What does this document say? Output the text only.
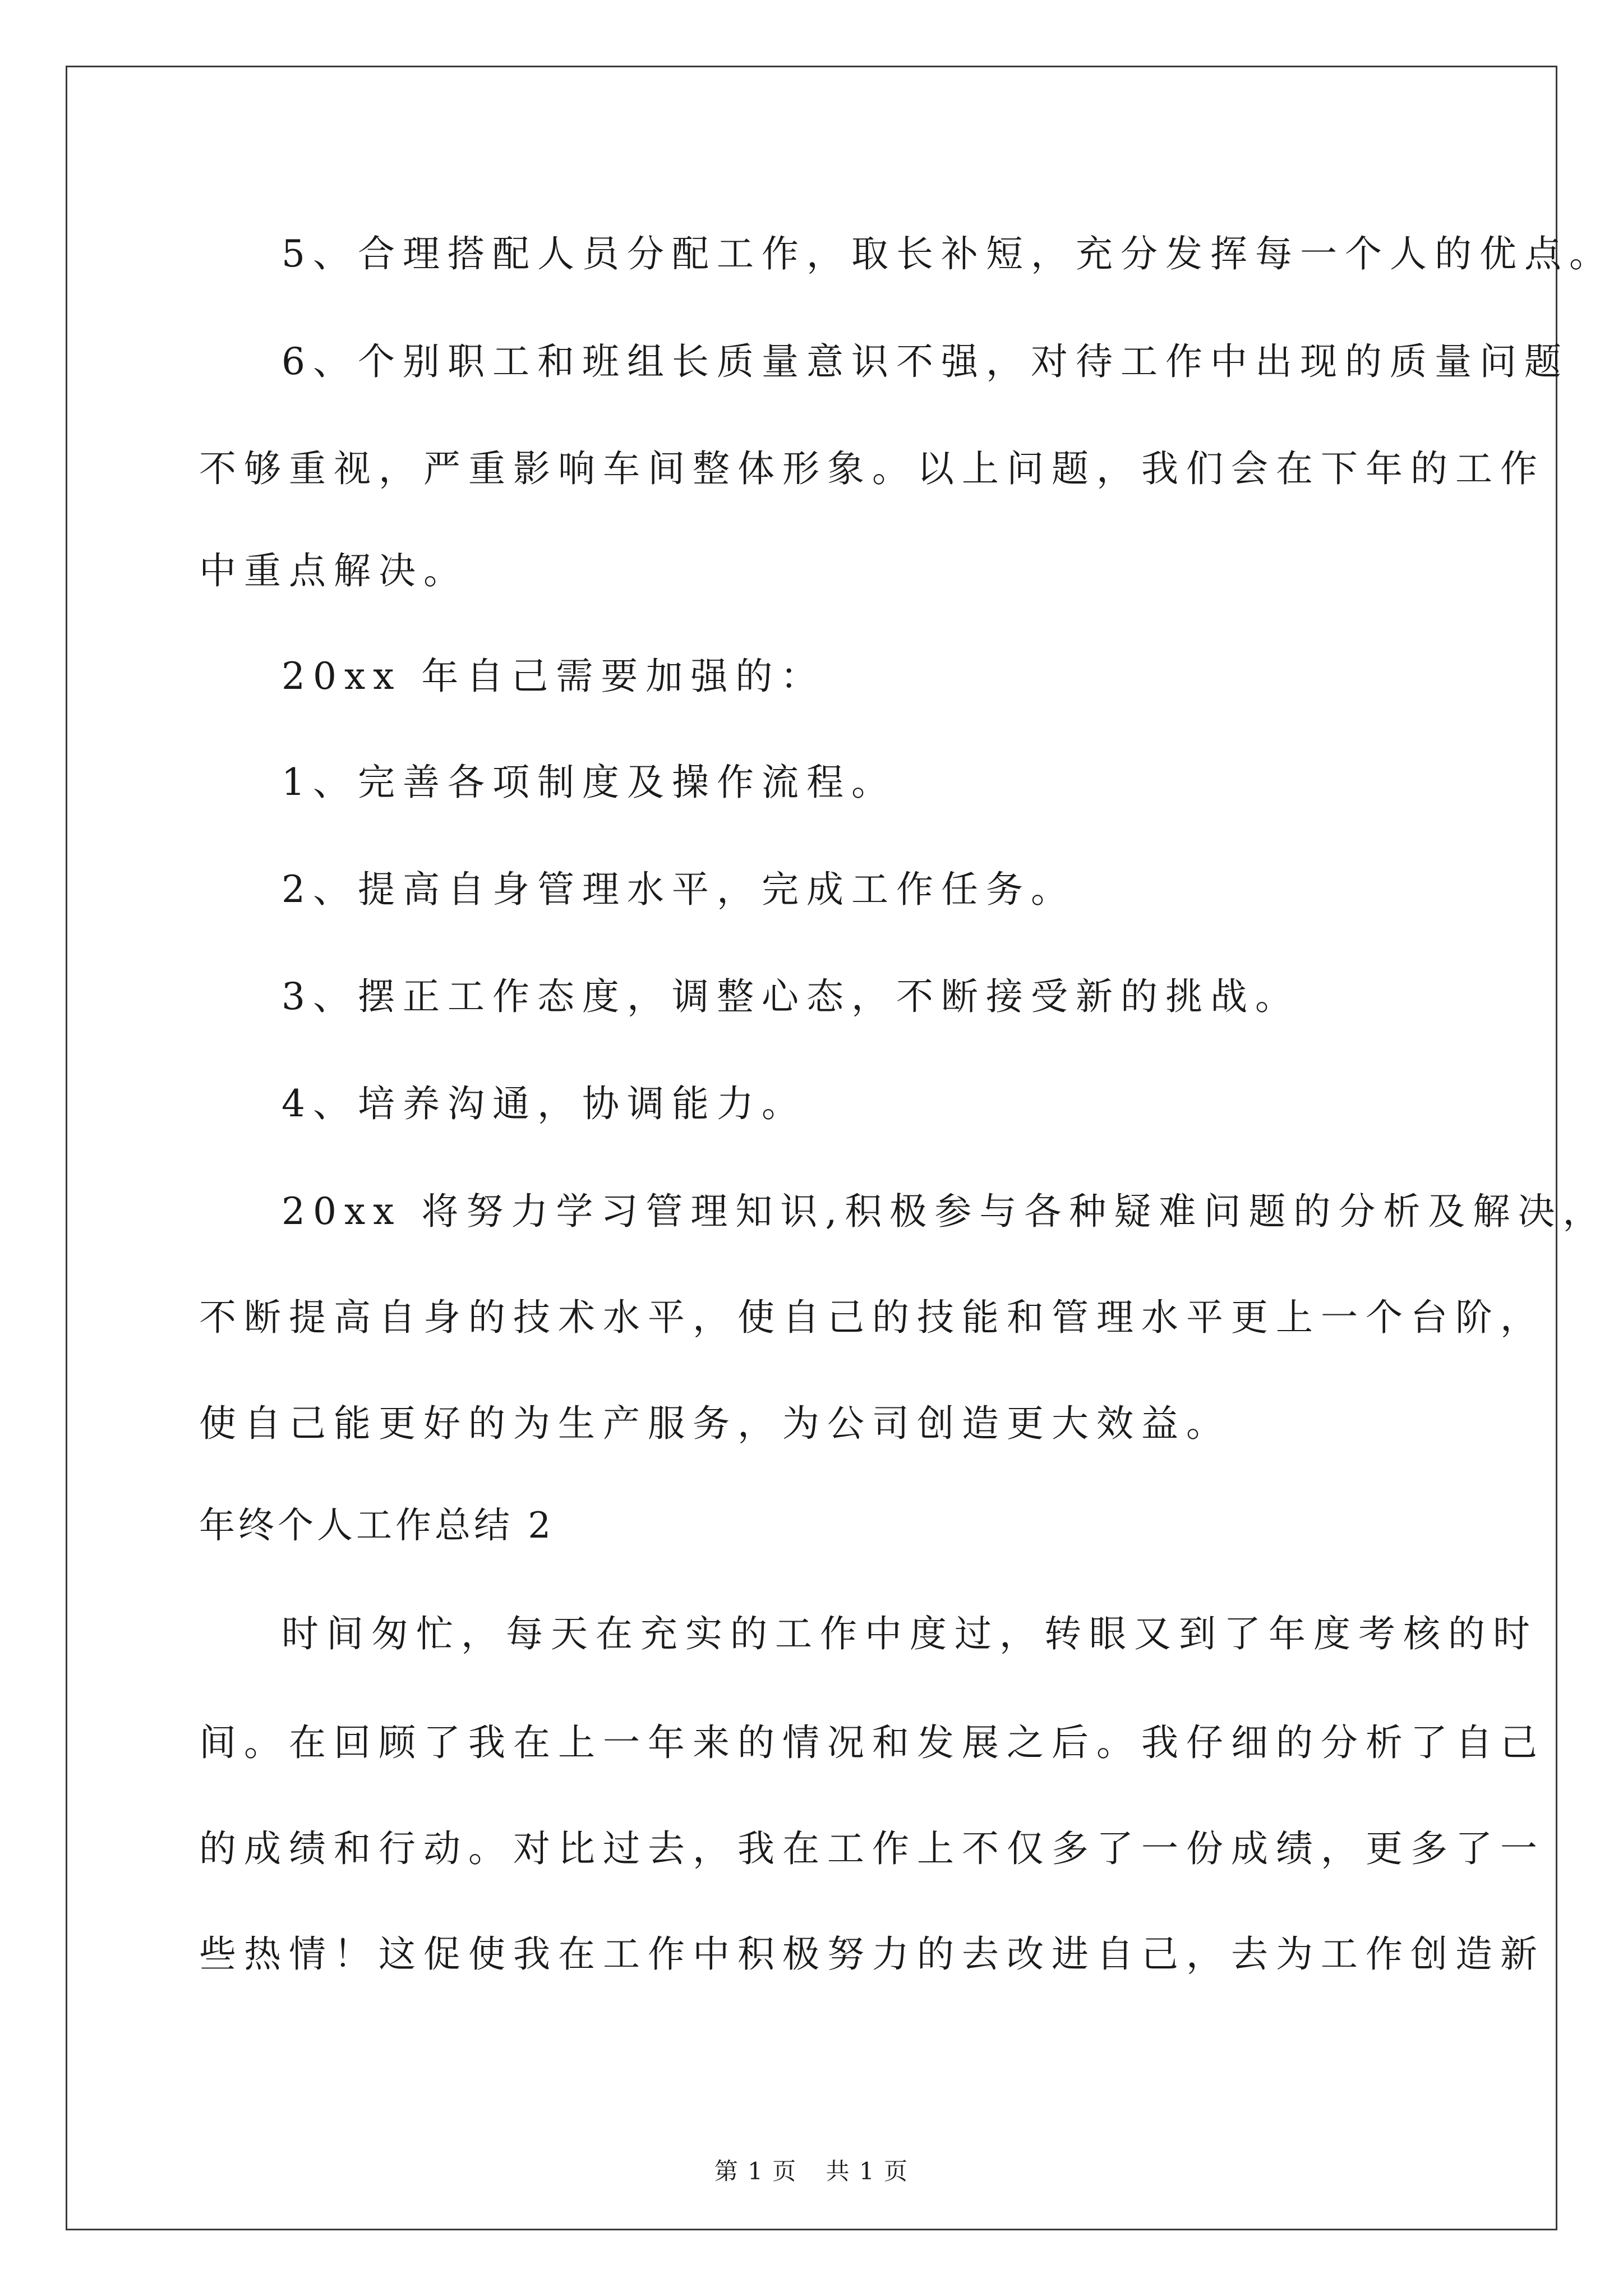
5、合理搭配人员分配工作，取长补短，充分发挥每一个人的优点。
6、个别职工和班组长质量意识不强，对待工作中出现的质量问题
不够重视，严重影响车间整体形象。以上问题，我们会在下年的工作
中重点解决。
20xx 年自己需要加强的：
1、完善各项制度及操作流程。
2、提高自身管理水平，完成工作任务。
3、摆正工作态度，调整心态，不断接受新的挑战。
4、培养沟通，协调能力。
20xx 将努力学习管理知识,积极参与各种疑难问题的分析及解决，
不断提高自身的技术水平，使自己的技能和管理水平更上一个台阶，
使自己能更好的为生产服务，为公司创造更大效益。
年终个人工作总结 2
时间匆忙，每天在充实的工作中度过，转眼又到了年度考核的时
间。在回顾了我在上一年来的情况和发展之后。我仔细的分析了自己
的成绩和行动。对比过去，我在工作上不仅多了一份成绩，更多了一
些热情！这促使我在工作中积极努力的去改进自己，去为工作创造新
第 1 页 共 1 页
